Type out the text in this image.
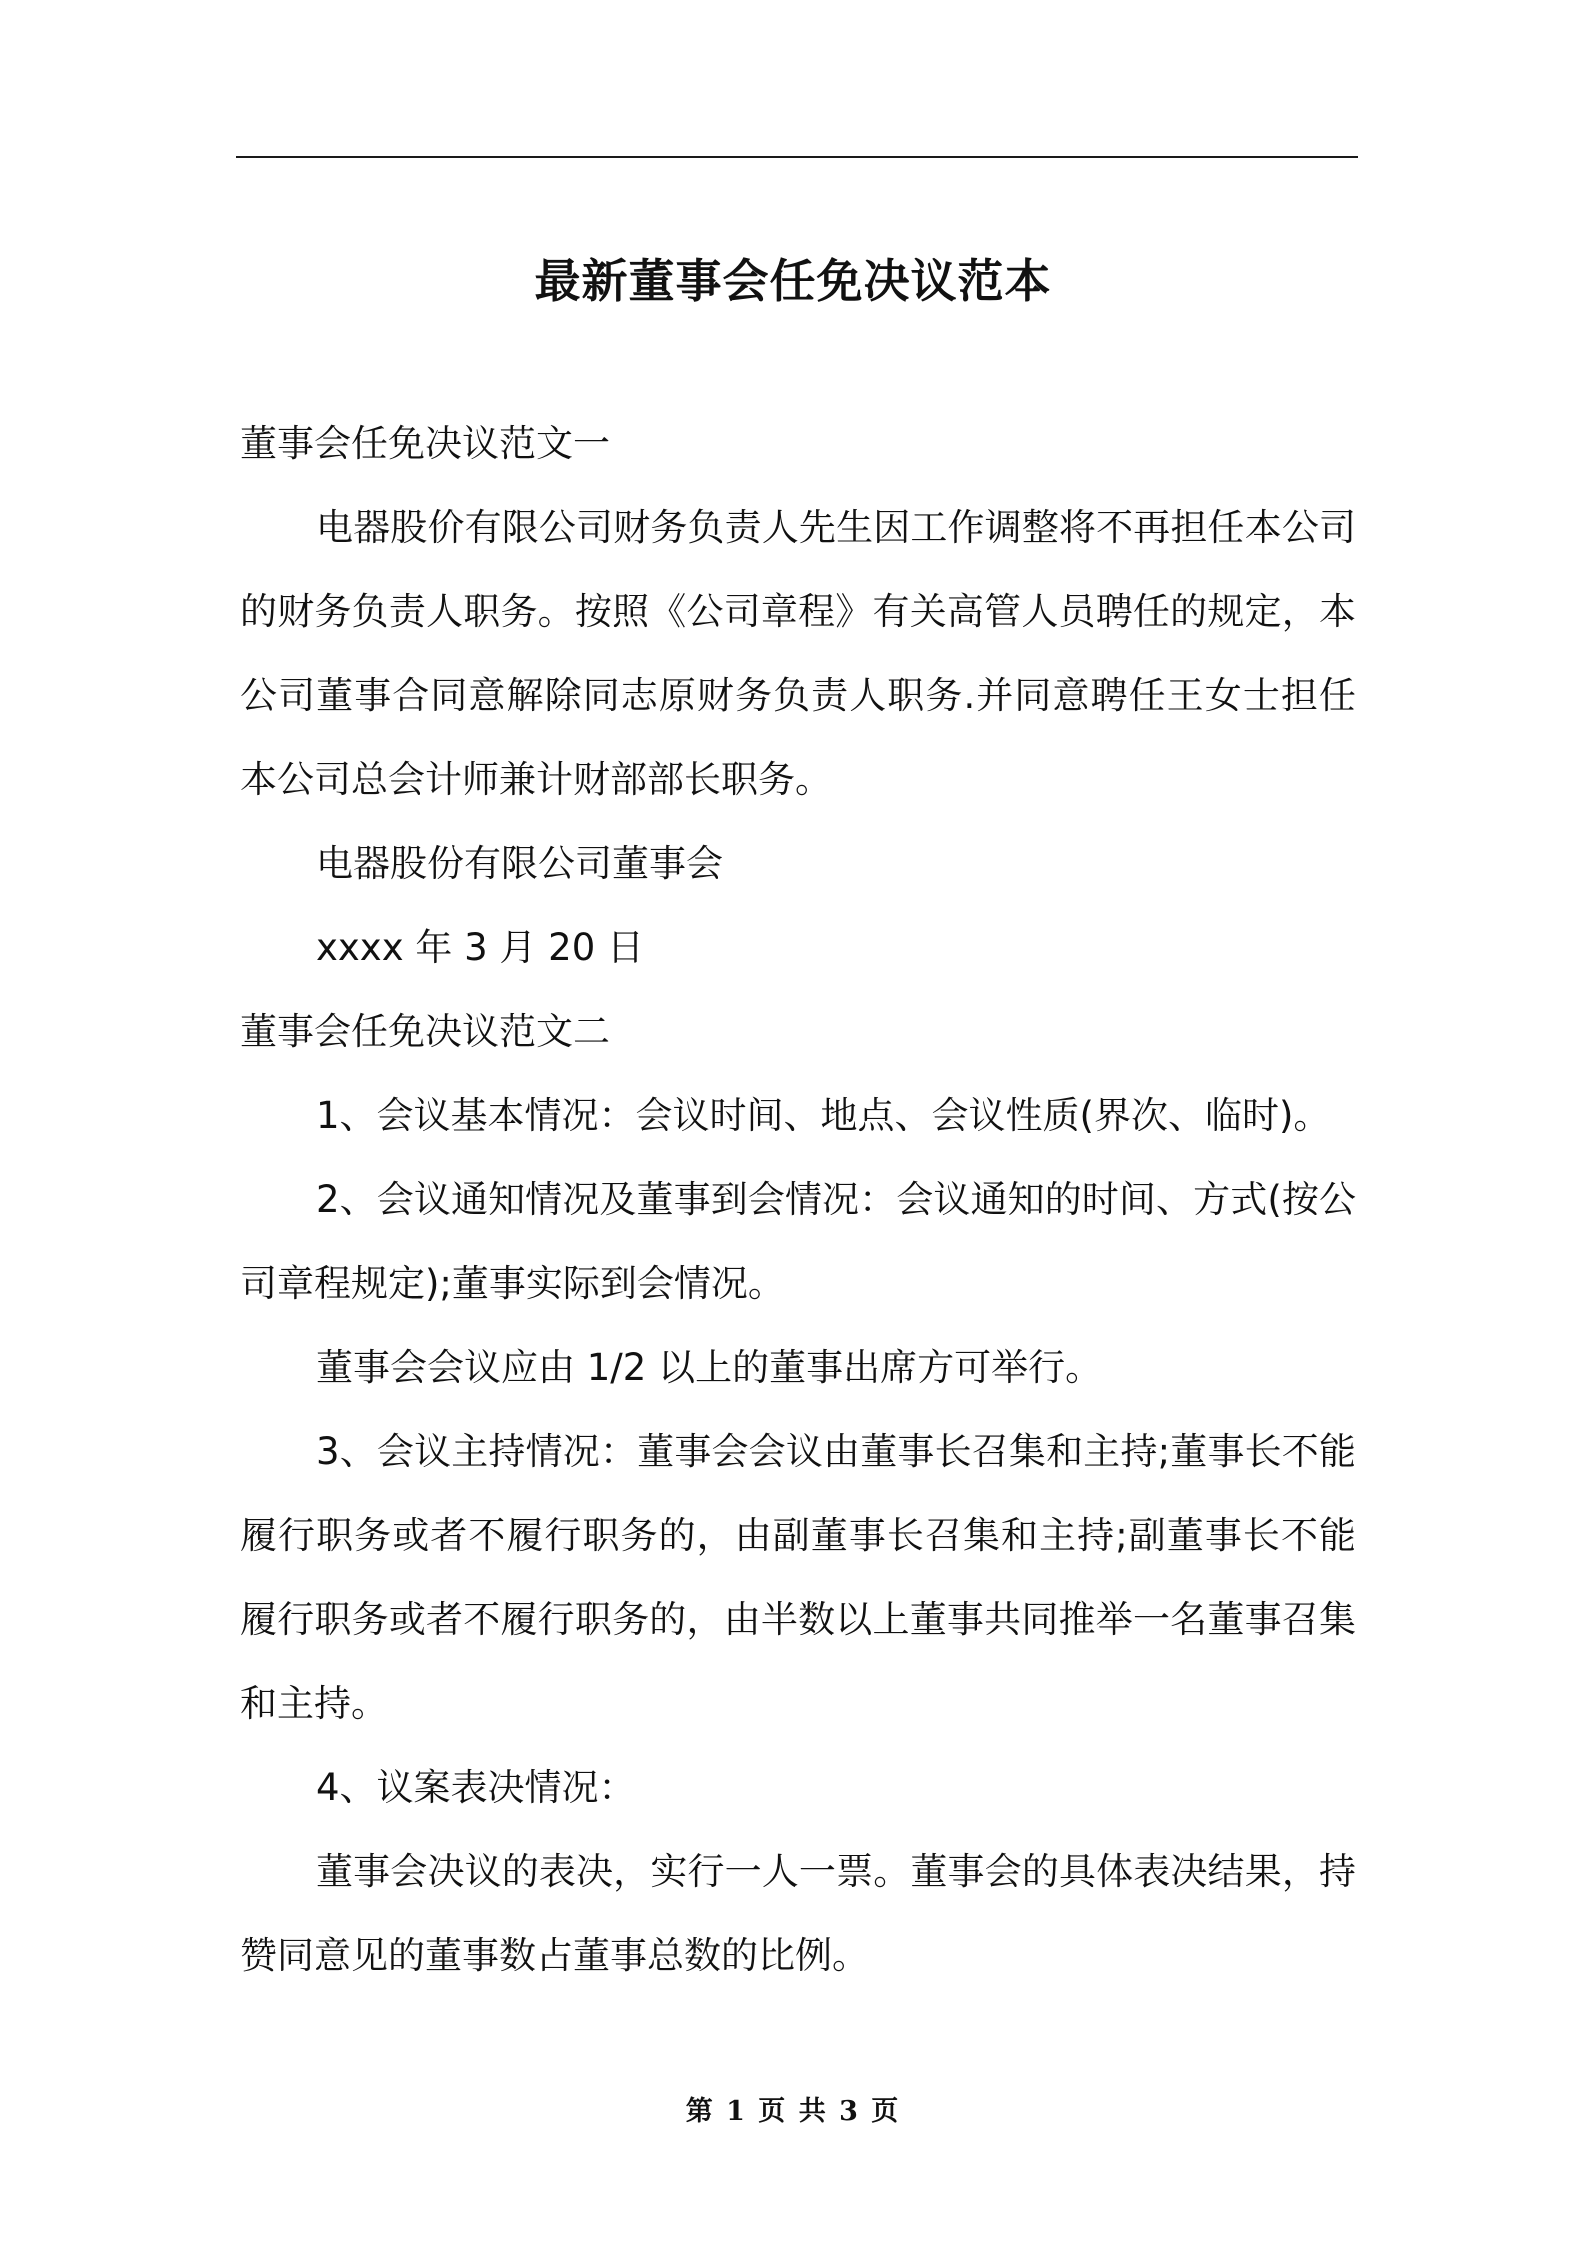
最新董事会任免决议范本

董事会任免决议范文一

电器股价有限公司财务负责人先生因工作调整将不再担任本公司的财务负责人职务。按照《公司章程》有关高管人员聘任的规定，本公司董事合同意解除同志原财务负责人职务.并同意聘任王女士担任本公司总会计师兼计财部部长职务。

电器股份有限公司董事会

xxxx 年 3 月 20 日

董事会任免决议范文二

1、会议基本情况：会议时间、地点、会议性质(界次、临时)。

2、会议通知情况及董事到会情况：会议通知的时间、方式(按公司章程规定);董事实际到会情况。

董事会会议应由 1/2 以上的董事出席方可举行。

3、会议主持情况：董事会会议由董事长召集和主持;董事长不能履行职务或者不履行职务的，由副董事长召集和主持;副董事长不能履行职务或者不履行职务的，由半数以上董事共同推举一名董事召集和主持。

4、议案表决情况：

董事会决议的表决，实行一人一票。董事会的具体表决结果，持赞同意见的董事数占董事总数的比例。

第 1 页 共 3 页
